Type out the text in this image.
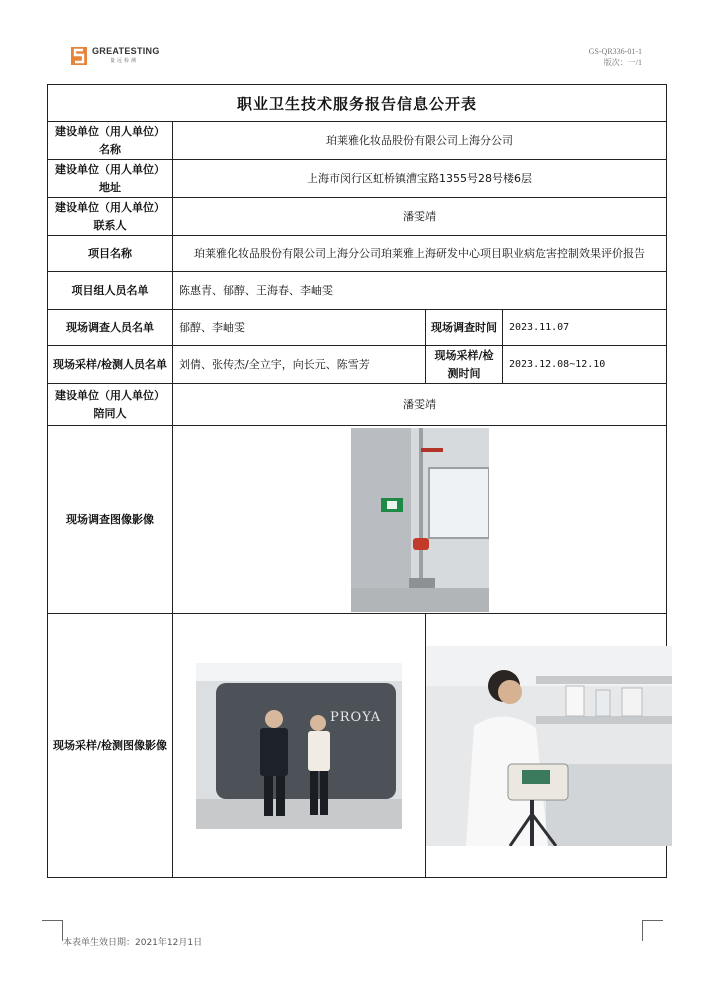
GREATESTING
量远检测
GS-QR336-01-1
版次：一/1
职业卫生技术服务报告信息公开表			
建设单位（用人单位）名称	珀莱雅化妆品股份有限公司上海分公司		
建设单位（用人单位）地址	上海市闵行区虹桥镇漕宝路1355号28号楼6层		
建设单位（用人单位）联系人	潘雯靖		
项目名称	珀莱雅化妆品股份有限公司上海分公司珀莱雅上海研发中心项目职业病危害控制效果评价报告		
项目组人员名单	陈惠青、郁醇、王海春、李岫雯		
现场调查人员名单	郁醇、李岫雯	现场调查时间	2023.11.07
现场采样/检测人员名单	刘倩、张传杰/全立宇，向长元、陈雪芳	现场采样/检测时间	2023.12.08~12.10
建设单位（用人单位）陪同人	潘雯靖		
现场调查图像影像	

现场采样/检测图像影像	PROYA

本表单生效日期：2021年12月1日
